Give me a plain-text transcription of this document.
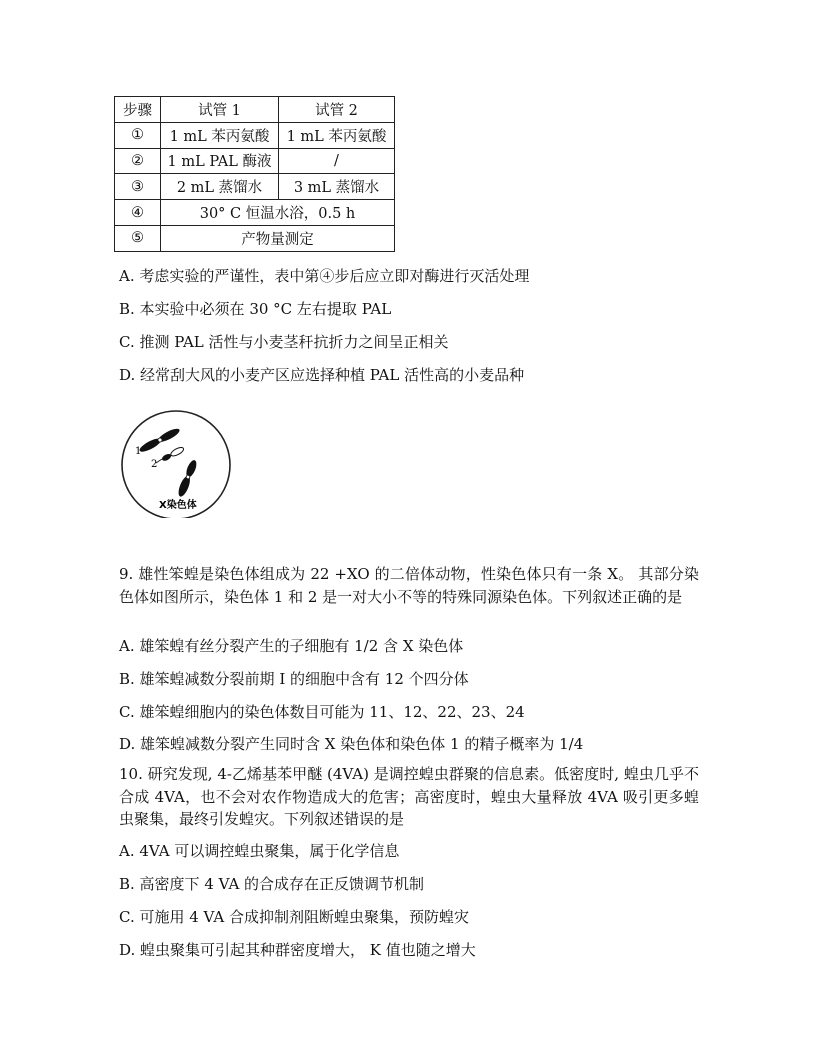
步骤	试管 1	试管 2
①	1 mL 苯丙氨酸	1 mL 苯丙氨酸
②	1 mL PAL 酶液	/
③	2 mL 蒸馏水	3 mL 蒸馏水
④	30° C 恒温水浴，0.5 h	
⑤	产物量测定	
A. 考虑实验的严谨性，表中第④步后应立即对酶进行灭活处理
B. 本实验中必须在 30 °C 左右提取 PAL
C. 推测 PAL 活性与小麦茎秆抗折力之间呈正相关
D. 经常刮大风的小麦产区应选择种植 PAL 活性高的小麦品种
1
2
X染色体
9. 雄性笨蝗是染色体组成为 22 +XO 的二倍体动物，性染色体只有一条 X。 其部分染色体如图所示，染色体 1 和 2 是一对大小不等的特殊同源染色体。下列叙述正确的是
A. 雄笨蝗有丝分裂产生的子细胞有 1/2 含 X 染色体
B. 雄笨蝗减数分裂前期 I 的细胞中含有 12 个四分体
C. 雄笨蝗细胞内的染色体数目可能为 11、12、22、23、24
D. 雄笨蝗减数分裂产生同时含 X 染色体和染色体 1 的精子概率为 1/4
10. 研究发现, 4-乙烯基苯甲醚 (4VA) 是调控蝗虫群聚的信息素。低密度时, 蝗虫几乎不合成 4VA，也不会对农作物造成大的危害；高密度时，蝗虫大量释放 4VA 吸引更多蝗虫聚集，最终引发蝗灾。下列叙述错误的是
A. 4VA 可以调控蝗虫聚集，属于化学信息
B. 高密度下 4 VA 的合成存在正反馈调节机制
C. 可施用 4 VA 合成抑制剂阻断蝗虫聚集，预防蝗灾
D. 蝗虫聚集可引起其种群密度增大， K 值也随之增大
